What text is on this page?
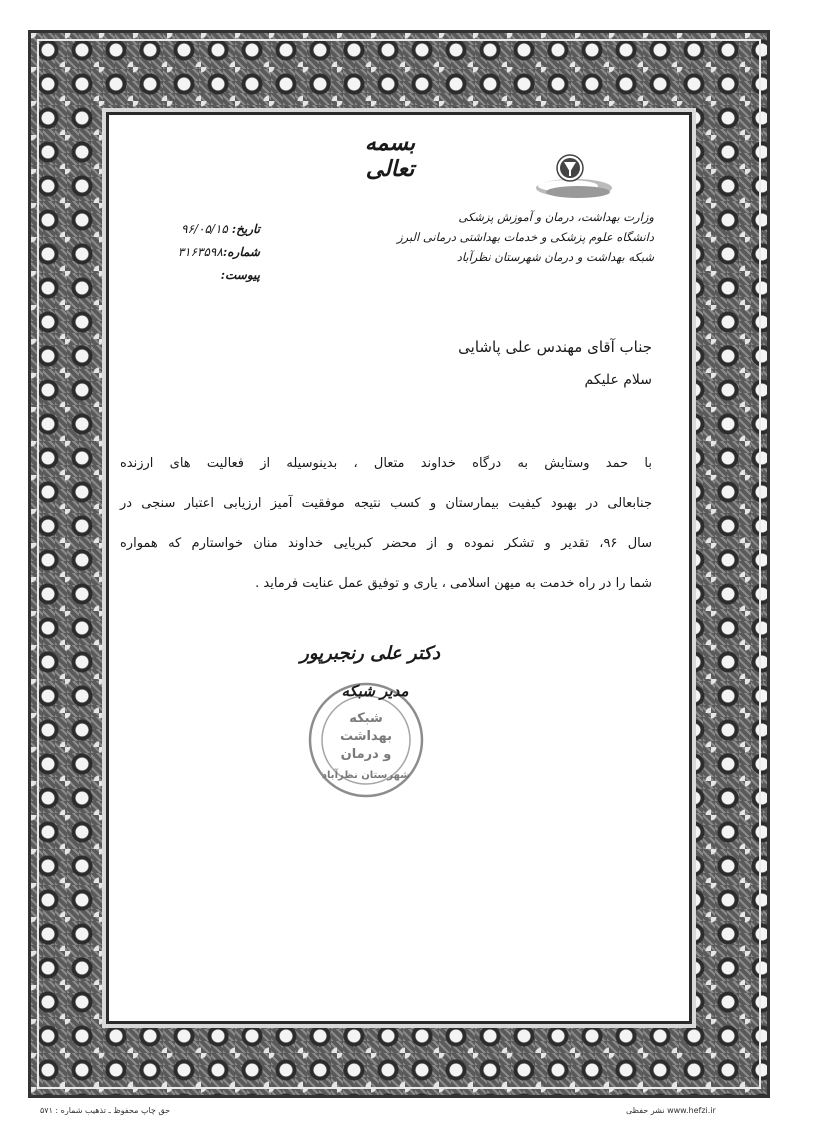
بسمه تعالی
وزارت بهداشت، درمان و آموزش پزشکی
دانشگاه علوم پزشکی و خدمات بهداشتی درمانی البرز
شبکه بهداشت و درمان شهرستان نظرآباد
تاریخ: ۹۶/۰۵/۱۵
شماره:۳۱۶۳۵۹۸
پیوست:
جناب آقای مهندس علی پاشایی
سلام علیکم
با حمد وستایش به درگاه خداوند متعال ، بدینوسیله از فعالیت های ارزنده
جنابعالی در بهبود کیفیت بیمارستان و کسب نتیجه موفقیت آمیز ارزیابی اعتبار سنجی در
سال ۹۶، تقدیر و تشکر نموده و از محضر کبریایی خداوند منان خواستارم که همواره
شما را در راه خدمت به میهن اسلامی ، یاری و توفیق عمل عنایت فرماید .
دکتر علی رنجبرپور
شبکه
بهداشت
و درمان
شهرستان نظرآباد
مدیر شبکه
حق چاپ محفوظ ـ تذهیب شماره : ۵۷۱	www.hefzi.ir نشر حفظی
